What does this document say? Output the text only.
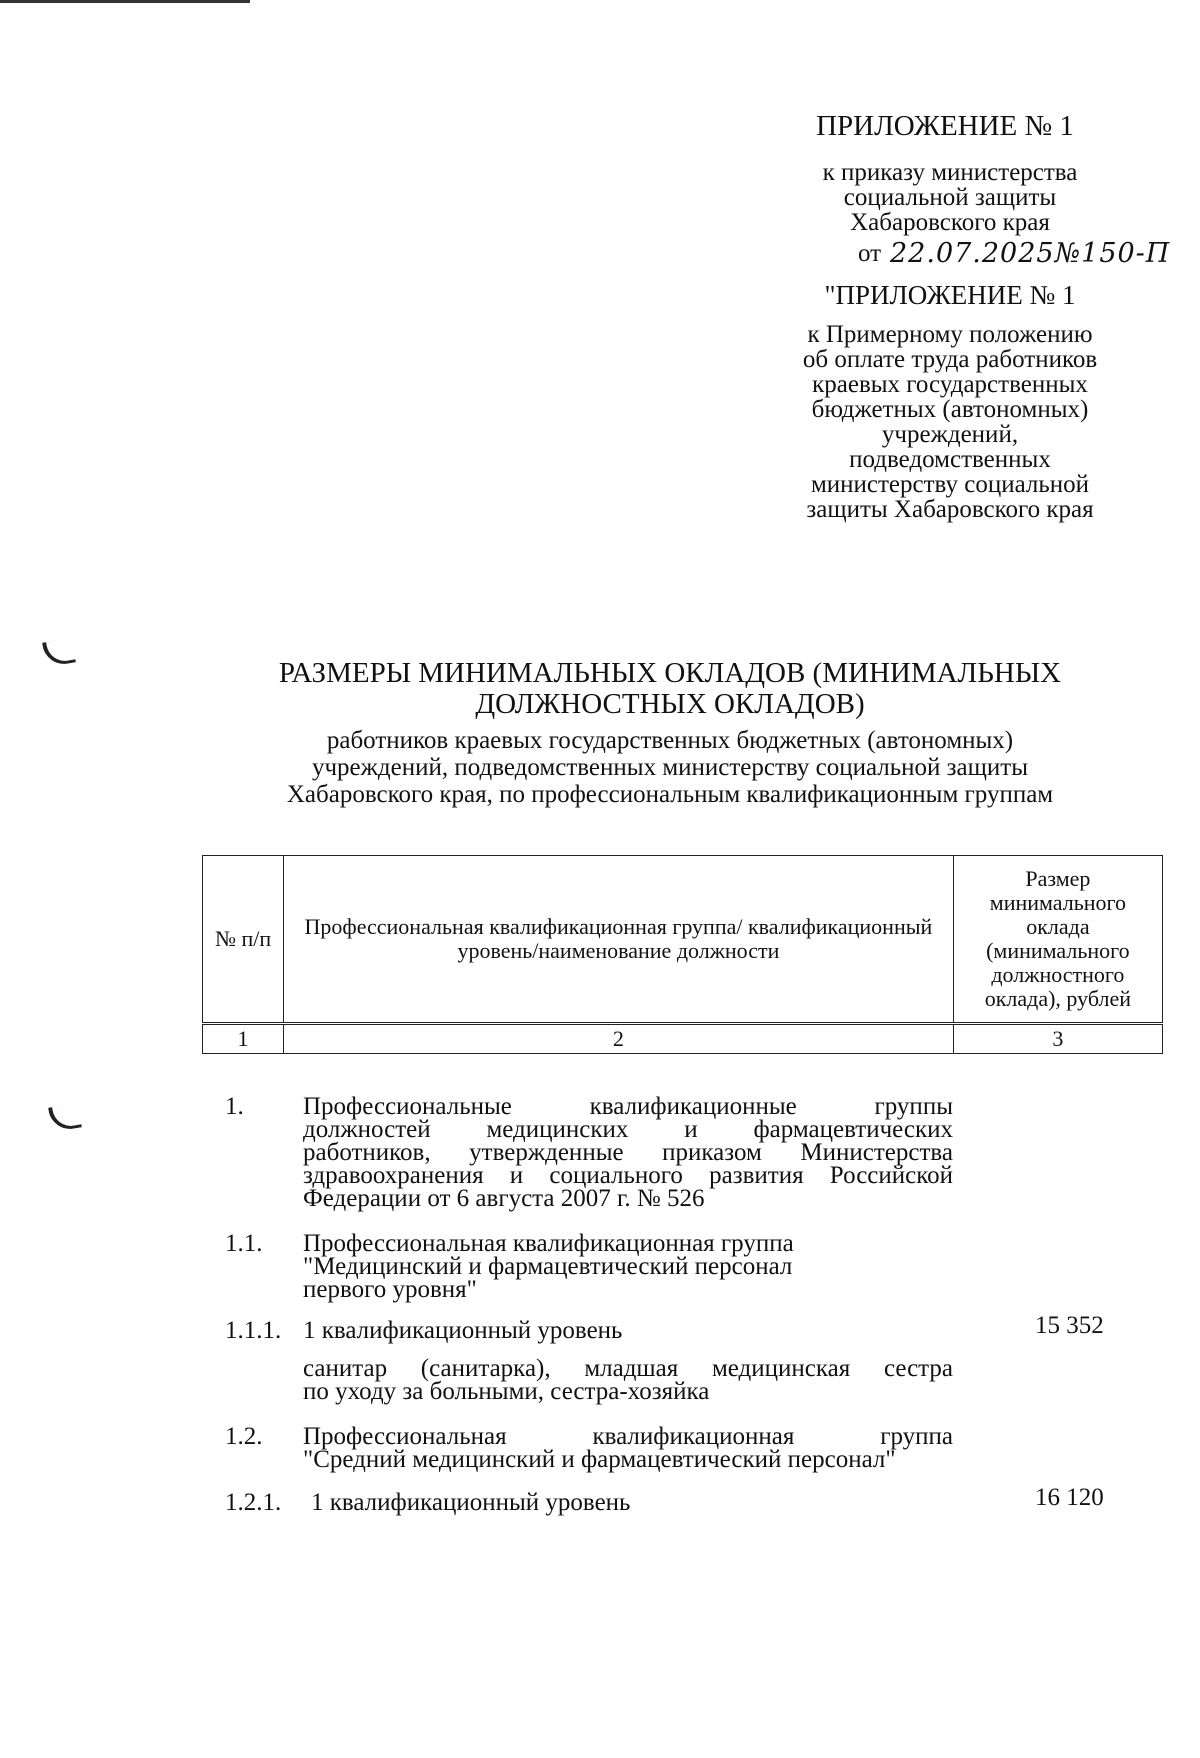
ПРИЛОЖЕНИЕ № 1
к приказу министерства
социальной защиты
Хабаровского края
от 22.07.2025№150-П
"ПРИЛОЖЕНИЕ № 1
к Примерному положению
об оплате труда работников
краевых государственных
бюджетных (автономных)
учреждений,
подведомственных
министерству социальной
защиты Хабаровского края
РАЗМЕРЫ МИНИМАЛЬНЫХ ОКЛАДОВ (МИНИМАЛЬНЫХ
ДОЛЖНОСТНЫХ ОКЛАДОВ)
работников краевых государственных бюджетных (автономных)
учреждений, подведомственных министерству социальной защиты
Хабаровского края, по профессиональным квалификационным группам
№ п/п	Профессиональная квалификационная группа/ квалификационный уровень/наименование должности	Размер минимального оклада (минимального должностного оклада), рублей
1	2	3
1. Профессиональные квалификационные группы
должностей медицинских и фармацевтических
работников, утвержденные приказом Министерства
здравоохранения и социального развития Российской
Федерации от 6 августа 2007 г. № 526
1.1. Профессиональная квалификационная группа
"Медицинский и фармацевтический персонал
первого уровня"
1.1.1. 1 квалификационный уровень	15 352
санитар (санитарка), младшая медицинская сестра
по уходу за больными, сестра-хозяйка
1.2. Профессиональная квалификационная группа
"Средний медицинский и фармацевтический персонал"
1.2.1. 1 квалификационный уровень	16 120
